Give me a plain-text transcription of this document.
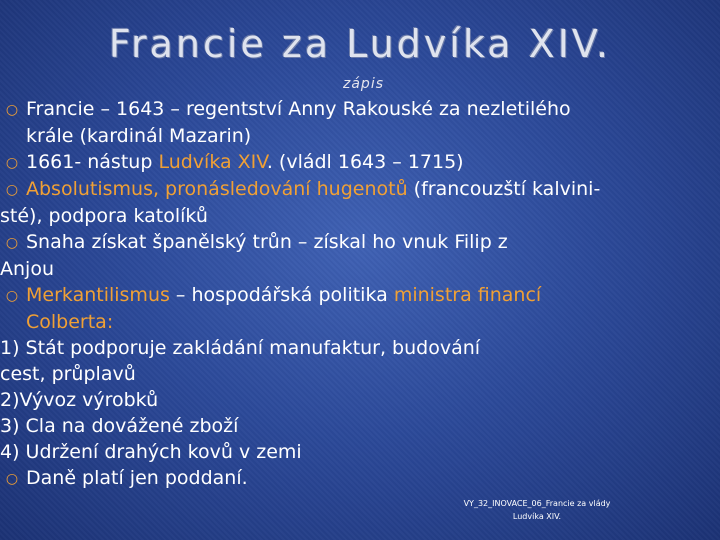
Francie za Ludvíka XIV.
zápis
○ Francie – 1643 – regentství Anny Rakouské za nezletilého
krále (kardinál Mazarin)
○ 1661- nástup Ludvíka XIV. (vládl 1643 – 1715)
○ Absolutismus, pronásledování hugenotů (francouzští kalvini-
sté), podpora katolíků
○ Snaha získat španělský trůn – získal ho vnuk Filip z
Anjou
○ Merkantilismus – hospodářská politika ministra financí
Colberta:
1) Stát podporuje zakládání manufaktur, budování
cest, průplavů
2)Vývoz výrobků
3) Cla na dovážené zboží
4) Udržení drahých kovů v zemi
○ Daně platí jen poddaní.
VY_32_INOVACE_06_Francie za vlády
Ludvíka XIV.
